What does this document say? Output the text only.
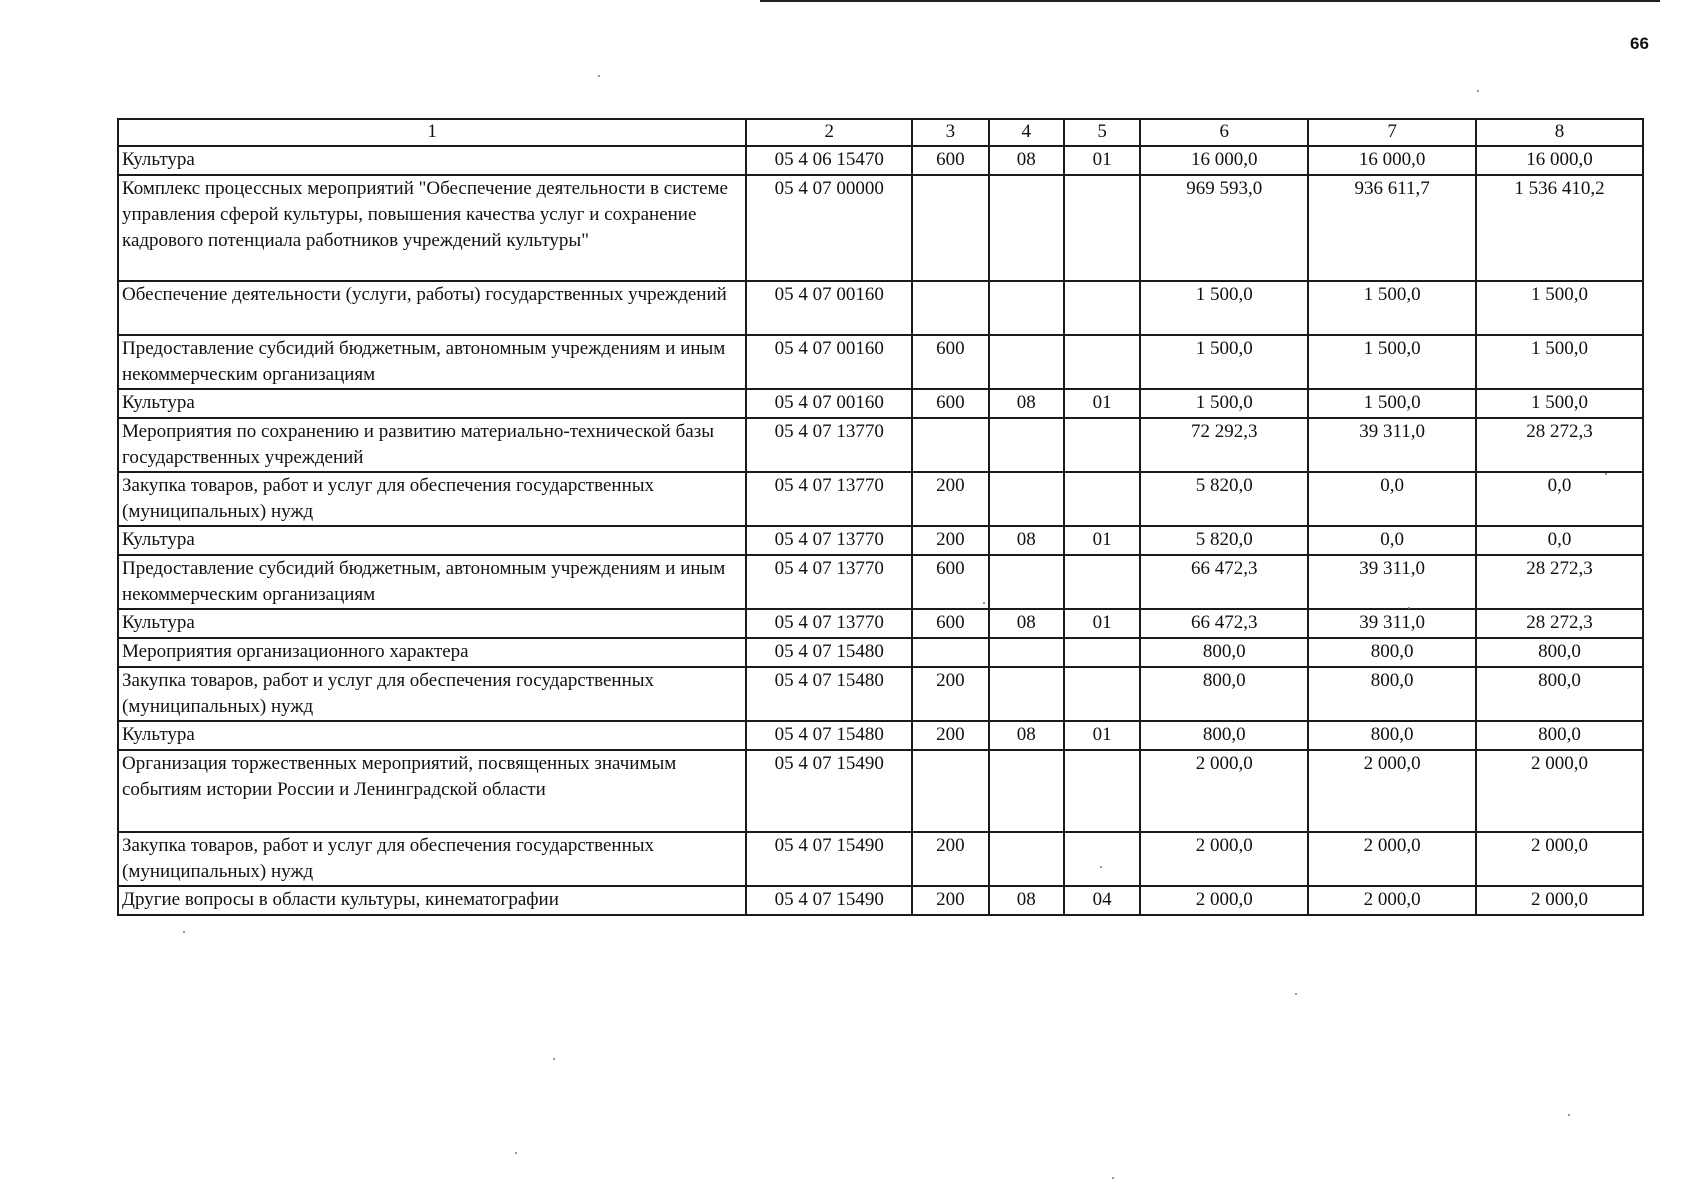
66
1	2	3	4	5	6	7	8
Культура	05 4 06 15470	600	08	01	16 000,0	16 000,0	16 000,0
Комплекс процессных мероприятий "Обеспечение деятельности в системе управления сферой культуры, повышения качества услуг и сохранение кадрового потенциала работников учреждений культуры"	05 4 07 00000				969 593,0	936 611,7	1 536 410,2
Обеспечение деятельности (услуги, работы) государственных учреждений	05 4 07 00160				1 500,0	1 500,0	1 500,0
Предоставление субсидий бюджетным, автономным учреждениям и иным некоммерческим организациям	05 4 07 00160	600			1 500,0	1 500,0	1 500,0
Культура	05 4 07 00160	600	08	01	1 500,0	1 500,0	1 500,0
Мероприятия по сохранению и развитию материально-технической базы государственных учреждений	05 4 07 13770				72 292,3	39 311,0	28 272,3
Закупка товаров, работ и услуг для обеспечения государственных (муниципальных) нужд	05 4 07 13770	200			5 820,0	0,0	0,0
Культура	05 4 07 13770	200	08	01	5 820,0	0,0	0,0
Предоставление субсидий бюджетным, автономным учреждениям и иным некоммерческим организациям	05 4 07 13770	600			66 472,3	39 311,0	28 272,3
Культура	05 4 07 13770	600	08	01	66 472,3	39 311,0	28 272,3
Мероприятия организационного характера	05 4 07 15480				800,0	800,0	800,0
Закупка товаров, работ и услуг для обеспечения государственных (муниципальных) нужд	05 4 07 15480	200			800,0	800,0	800,0
Культура	05 4 07 15480	200	08	01	800,0	800,0	800,0
Организация торжественных мероприятий, посвященных значимым событиям истории России и Ленинградской области	05 4 07 15490				2 000,0	2 000,0	2 000,0
Закупка товаров, работ и услуг для обеспечения государственных (муниципальных) нужд	05 4 07 15490	200			2 000,0	2 000,0	2 000,0
Другие вопросы в области культуры, кинематографии	05 4 07 15490	200	08	04	2 000,0	2 000,0	2 000,0
